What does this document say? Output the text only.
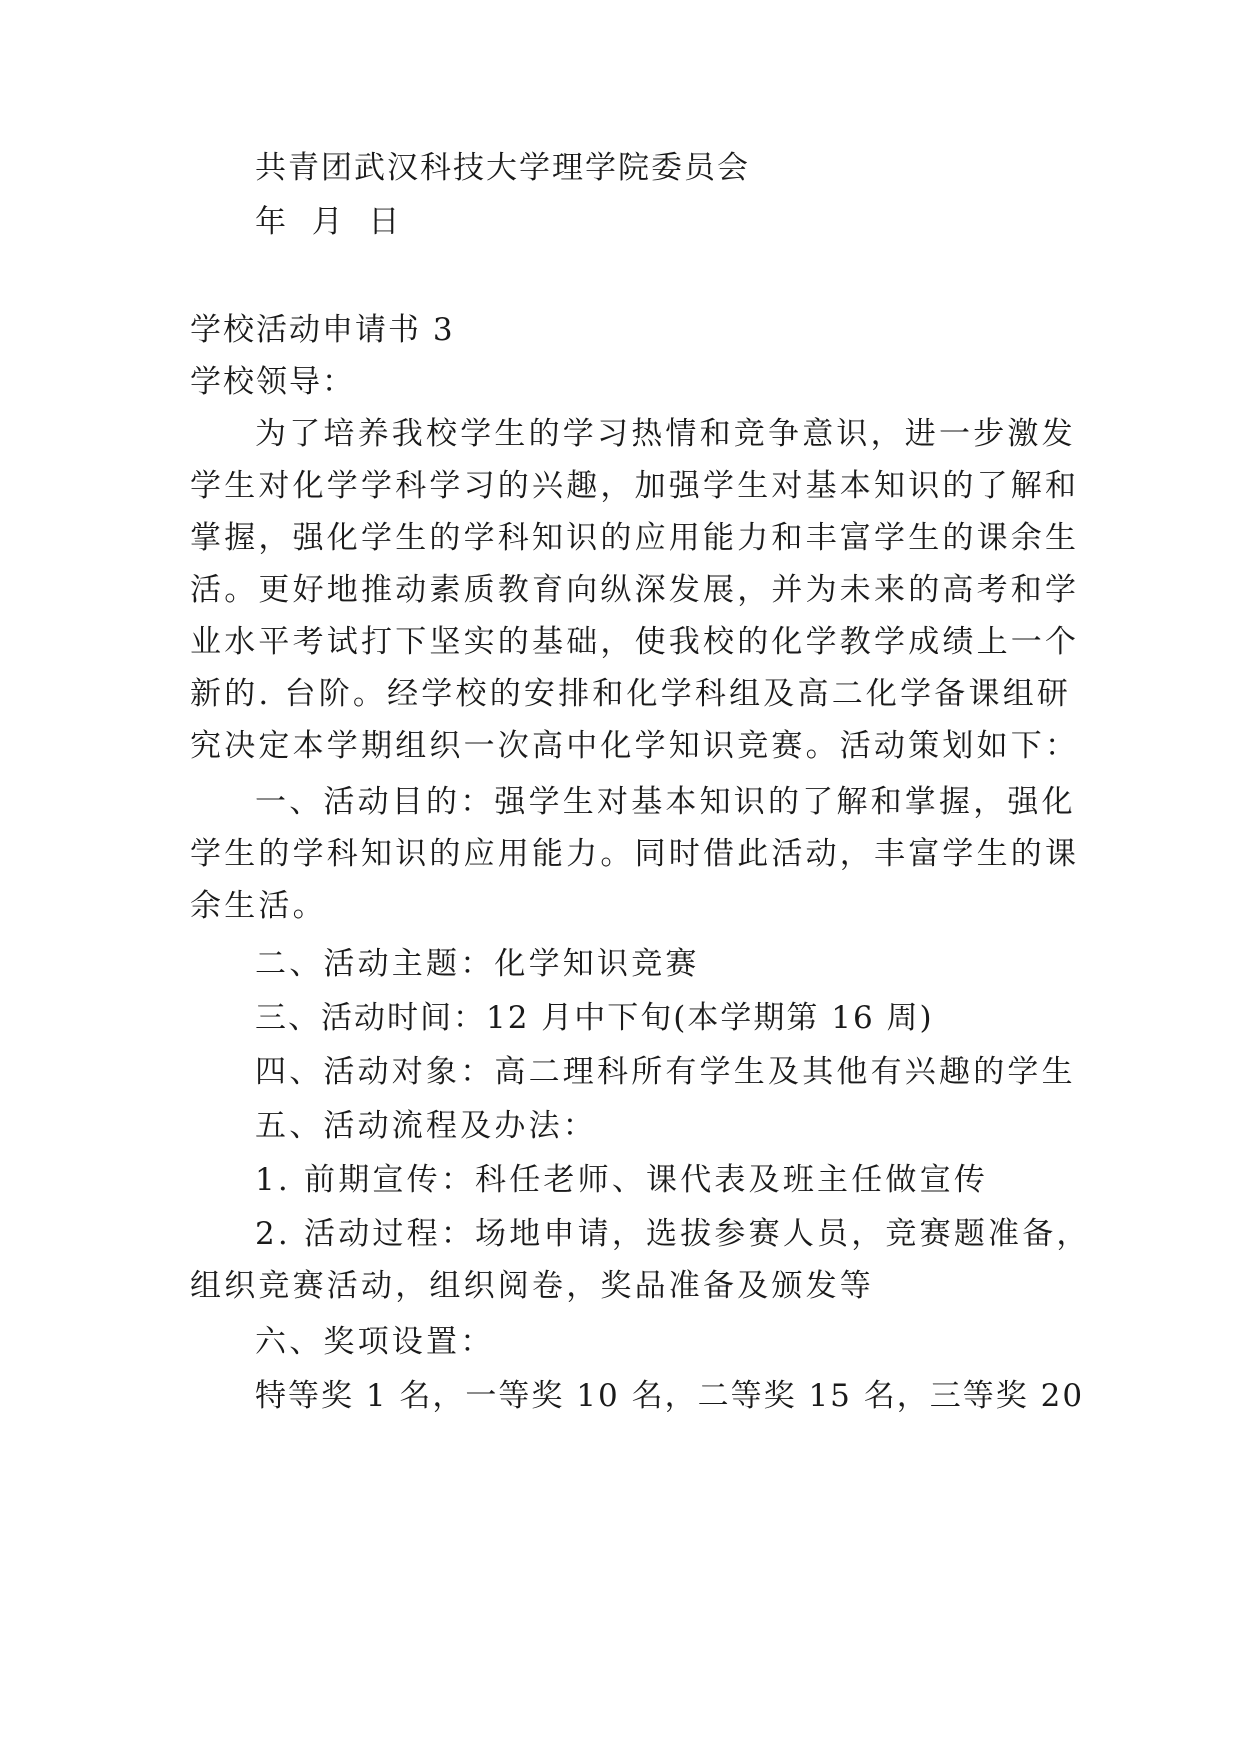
共青团武汉科技大学理学院委员会
年  月  日
学校活动申请书 3
学校领导：
为了培养我校学生的学习热情和竞争意识，进一步激发
学生对化学学科学习的兴趣，加强学生对基本知识的了解和
掌握，强化学生的学科知识的应用能力和丰富学生的课余生
活。更好地推动素质教育向纵深发展，并为未来的高考和学
业水平考试打下坚实的基础，使我校的化学教学成绩上一个
新的. 台阶。经学校的安排和化学科组及高二化学备课组研
究决定本学期组织一次高中化学知识竞赛。活动策划如下：
一、活动目的：强学生对基本知识的了解和掌握，强化
学生的学科知识的应用能力。同时借此活动，丰富学生的课
余生活。
二、活动主题：化学知识竞赛
三、活动时间：12 月中下旬(本学期第 16 周)
四、活动对象：高二理科所有学生及其他有兴趣的学生
五、活动流程及办法：
1. 前期宣传：科任老师、课代表及班主任做宣传
2. 活动过程：场地申请，选拔参赛人员，竞赛题准备，
组织竞赛活动，组织阅卷，奖品准备及颁发等
六、奖项设置：
特等奖 1 名，一等奖 10 名，二等奖 15 名，三等奖 20
